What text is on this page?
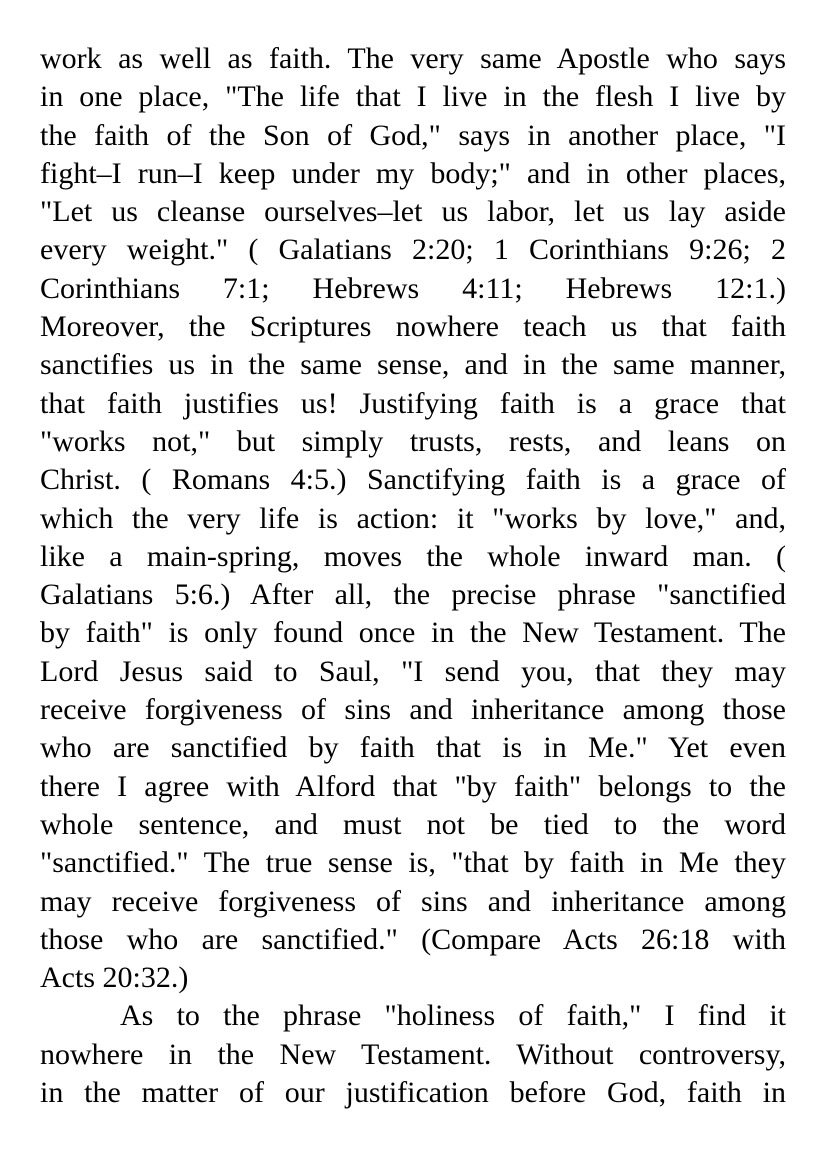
work as well as faith. The very same Apostle who says
in one place, "The life that I live in the flesh I live by
the faith of the Son of God," says in another place, "I
fight–I run–I keep under my body;" and in other places,
"Let us cleanse ourselves–let us labor, let us lay aside
every weight." ( Galatians 2:20; 1 Corinthians 9:26; 2
Corinthians 7:1; Hebrews 4:11; Hebrews 12:1.)
Moreover, the Scriptures nowhere teach us that faith
sanctifies us in the same sense, and in the same manner,
that faith justifies us! Justifying faith is a grace that
"works not," but simply trusts, rests, and leans on
Christ. ( Romans 4:5.) Sanctifying faith is a grace of
which the very life is action: it "works by love," and,
like a main-spring, moves the whole inward man. (
Galatians 5:6.) After all, the precise phrase "sanctified
by faith" is only found once in the New Testament. The
Lord Jesus said to Saul, "I send you, that they may
receive forgiveness of sins and inheritance among those
who are sanctified by faith that is in Me." Yet even
there I agree with Alford that "by faith" belongs to the
whole sentence, and must not be tied to the word
"sanctified." The true sense is, "that by faith in Me they
may receive forgiveness of sins and inheritance among
those who are sanctified." (Compare Acts 26:18 with
Acts 20:32.)
As to the phrase "holiness of faith," I find it
nowhere in the New Testament. Without controversy,
in the matter of our justification before God, faith in
